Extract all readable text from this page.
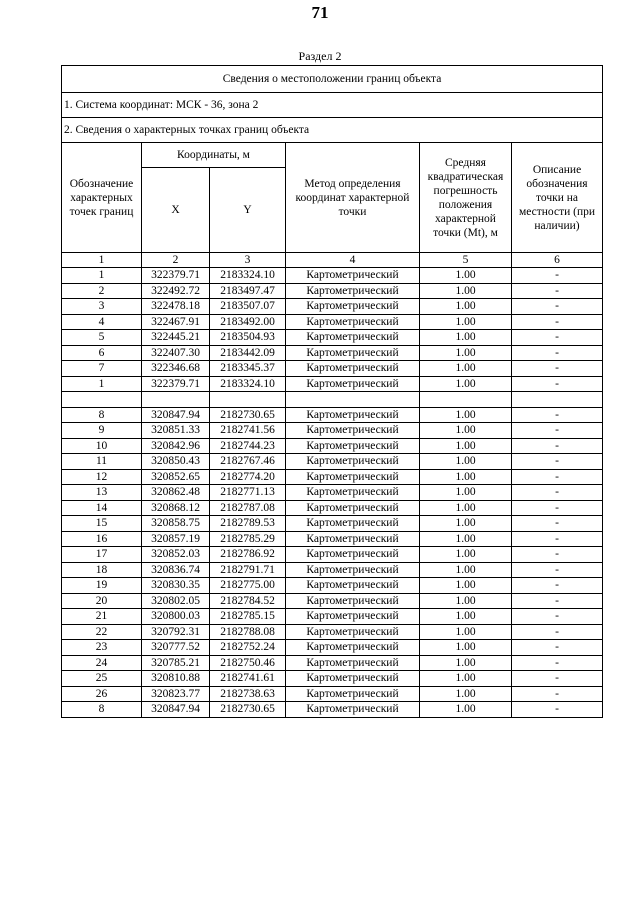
71
Раздел 2
Сведения о местоположении границ объекта					
1. Система координат: МСК - 36, зона 2					
2. Сведения о характерных точках границ объекта					
Обозначение характерных точек границ	Координаты, м		Метод определения координат характерной точки	Средняя квадратическая погрешность положения характерной точки (Mt), м	Описание обозначения точки на местности (при наличии)
	X	Y			
1	2	3	4	5	6
1	322379.71	2183324.10	Картометрический	1.00	-
2	322492.72	2183497.47	Картометрический	1.00	-
3	322478.18	2183507.07	Картометрический	1.00	-
4	322467.91	2183492.00	Картометрический	1.00	-
5	322445.21	2183504.93	Картометрический	1.00	-
6	322407.30	2183442.09	Картометрический	1.00	-
7	322346.68	2183345.37	Картометрический	1.00	-
1	322379.71	2183324.10	Картометрический	1.00	-

8	320847.94	2182730.65	Картометрический	1.00	-
9	320851.33	2182741.56	Картометрический	1.00	-
10	320842.96	2182744.23	Картометрический	1.00	-
11	320850.43	2182767.46	Картометрический	1.00	-
12	320852.65	2182774.20	Картометрический	1.00	-
13	320862.48	2182771.13	Картометрический	1.00	-
14	320868.12	2182787.08	Картометрический	1.00	-
15	320858.75	2182789.53	Картометрический	1.00	-
16	320857.19	2182785.29	Картометрический	1.00	-
17	320852.03	2182786.92	Картометрический	1.00	-
18	320836.74	2182791.71	Картометрический	1.00	-
19	320830.35	2182775.00	Картометрический	1.00	-
20	320802.05	2182784.52	Картометрический	1.00	-
21	320800.03	2182785.15	Картометрический	1.00	-
22	320792.31	2182788.08	Картометрический	1.00	-
23	320777.52	2182752.24	Картометрический	1.00	-
24	320785.21	2182750.46	Картометрический	1.00	-
25	320810.88	2182741.61	Картометрический	1.00	-
26	320823.77	2182738.63	Картометрический	1.00	-
8	320847.94	2182730.65	Картометрический	1.00	-
